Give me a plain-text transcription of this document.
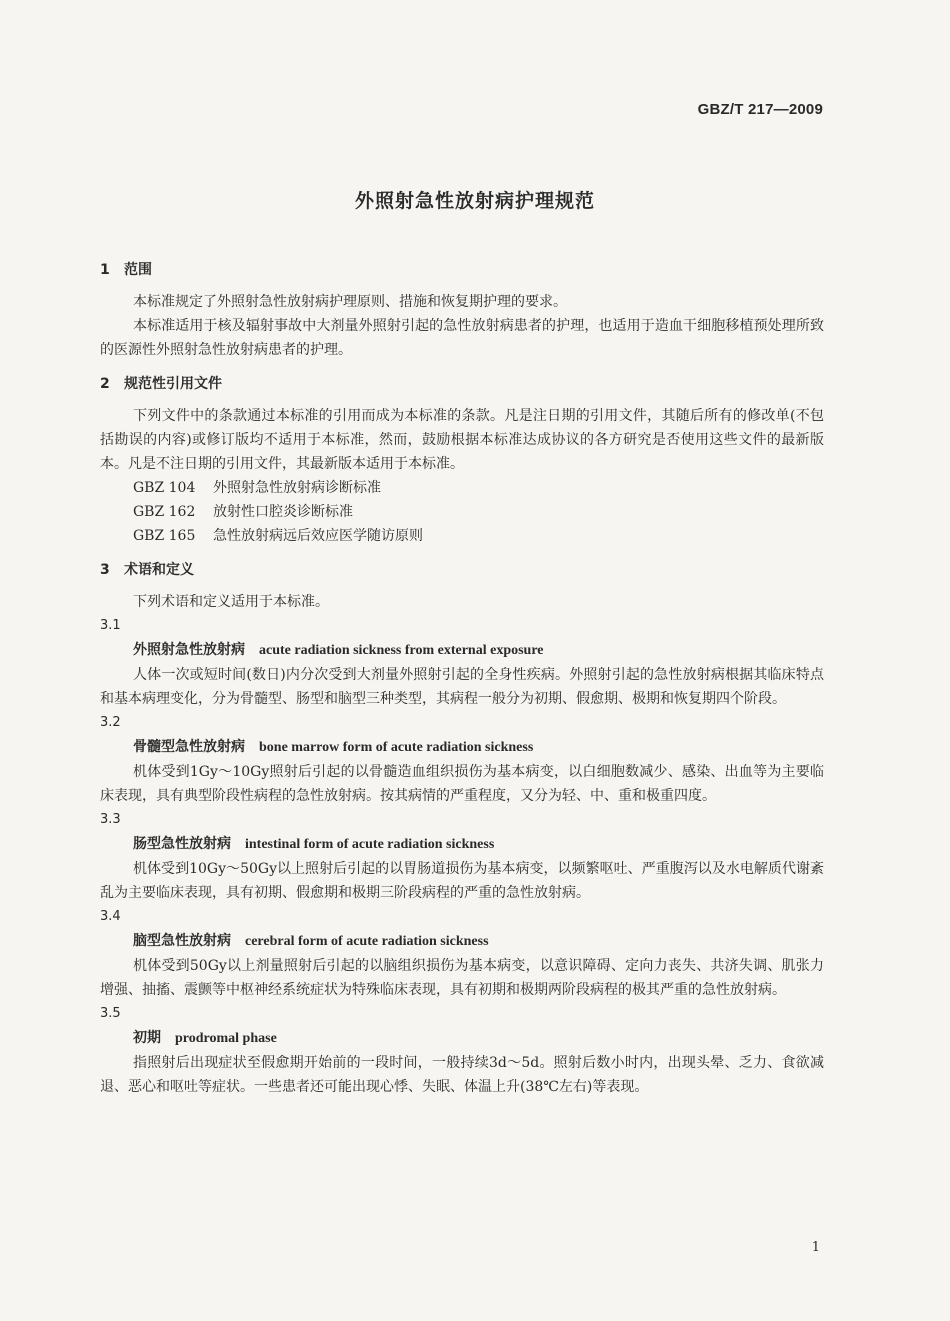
GBZ/T 217—2009
外照射急性放射病护理规范

1 范围

本标准规定了外照射急性放射病护理原则、措施和恢复期护理的要求。

本标准适用于核及辐射事故中大剂量外照射引起的急性放射病患者的护理，也适用于造血干细胞移植预处理所致的医源性外照射急性放射病患者的护理。

2 规范性引用文件

下列文件中的条款通过本标准的引用而成为本标准的条款。凡是注日期的引用文件，其随后所有的修改单(不包括勘误的内容)或修订版均不适用于本标准，然而，鼓励根据本标准达成协议的各方研究是否使用这些文件的最新版本。凡是不注日期的引用文件，其最新版本适用于本标准。

GBZ 104 外照射急性放射病诊断标准

GBZ 162 放射性口腔炎诊断标准

GBZ 165 急性放射病远后效应医学随访原则

3 术语和定义

下列术语和定义适用于本标准。

3.1

外照射急性放射病 acute radiation sickness from external exposure

人体一次或短时间(数日)内分次受到大剂量外照射引起的全身性疾病。外照射引起的急性放射病根据其临床特点和基本病理变化，分为骨髓型、肠型和脑型三种类型，其病程一般分为初期、假愈期、极期和恢复期四个阶段。

3.2

骨髓型急性放射病 bone marrow form of acute radiation sickness

机体受到1Gy～10Gy照射后引起的以骨髓造血组织损伤为基本病变，以白细胞数减少、感染、出血等为主要临床表现，具有典型阶段性病程的急性放射病。按其病情的严重程度，又分为轻、中、重和极重四度。

3.3

肠型急性放射病 intestinal form of acute radiation sickness

机体受到10Gy～50Gy以上照射后引起的以胃肠道损伤为基本病变，以频繁呕吐、严重腹泻以及水电解质代谢紊乱为主要临床表现，具有初期、假愈期和极期三阶段病程的严重的急性放射病。

3.4

脑型急性放射病 cerebral form of acute radiation sickness

机体受到50Gy以上剂量照射后引起的以脑组织损伤为基本病变，以意识障碍、定向力丧失、共济失调、肌张力增强、抽搐、震颤等中枢神经系统症状为特殊临床表现，具有初期和极期两阶段病程的极其严重的急性放射病。

3.5

初期 prodromal phase

指照射后出现症状至假愈期开始前的一段时间，一般持续3d～5d。照射后数小时内，出现头晕、乏力、食欲减退、恶心和呕吐等症状。一些患者还可能出现心悸、失眠、体温上升(38℃左右)等表现。

1
